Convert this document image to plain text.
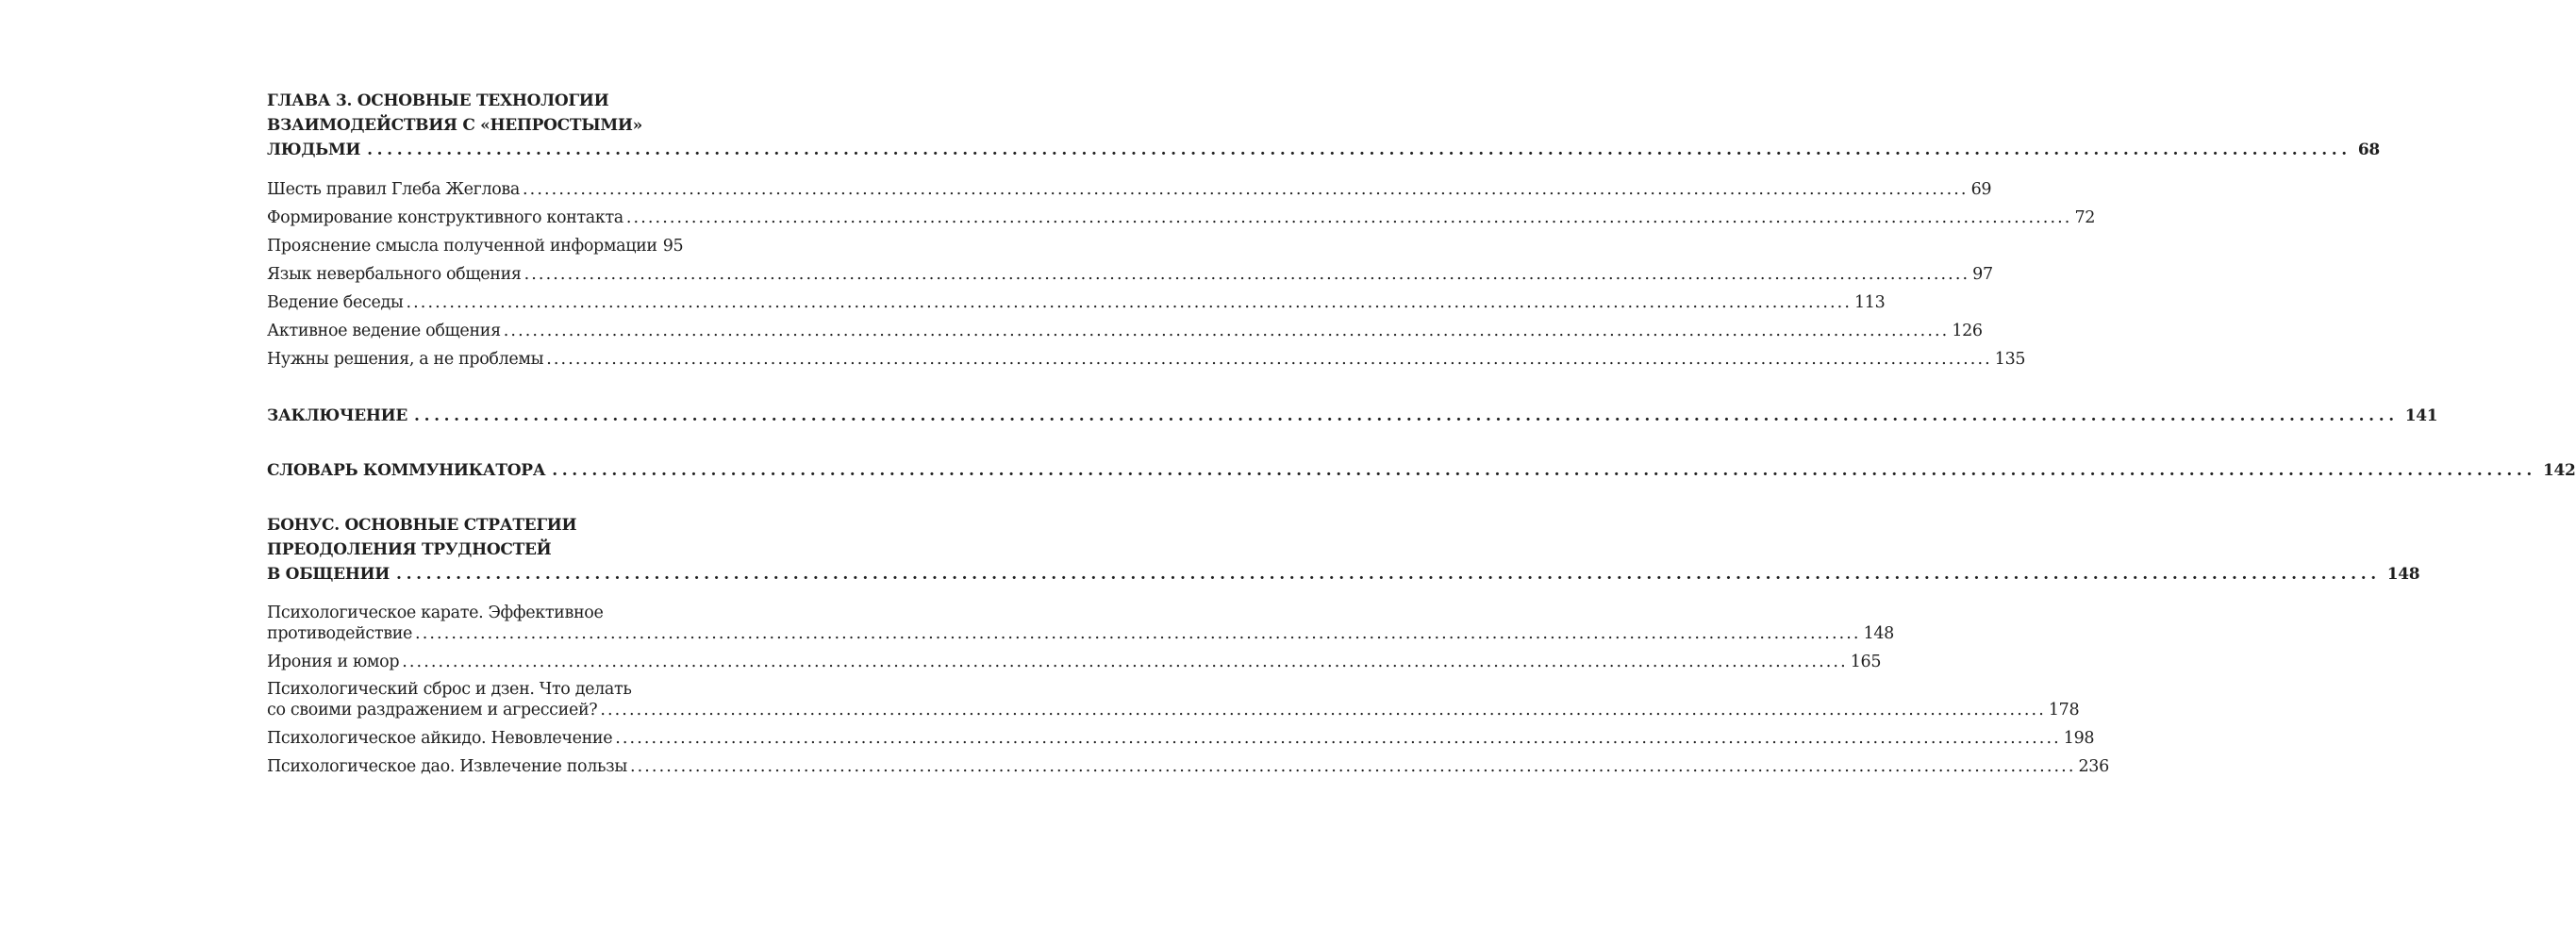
ГЛАВА 3. ОСНОВНЫЕ ТЕХНОЛОГИИ
ВЗАИМОДЕЙСТВИЯ С «НЕПРОСТЫМИ»
ЛЮДЬМИ ........................................................................................................................................................................................................ 68
Шесть правил Глеба Жеглова ........................................................................................................................................................................................................ 69
Формирование конструктивного контакта ........................................................................................................................................................................................................ 72
Прояснение смысла полученной информации 95
Язык невербального общения ........................................................................................................................................................................................................ 97
Ведение беседы ........................................................................................................................................................................................................ 113
Активное ведение общения ........................................................................................................................................................................................................ 126
Нужны решения, а не проблемы ........................................................................................................................................................................................................ 135
ЗАКЛЮЧЕНИЕ ........................................................................................................................................................................................................ 141
СЛОВАРЬ КОММУНИКАТОРА ........................................................................................................................................................................................................ 142
БОНУС. ОСНОВНЫЕ СТРАТЕГИИ
ПРЕОДОЛЕНИЯ ТРУДНОСТЕЙ
В ОБЩЕНИИ ........................................................................................................................................................................................................ 148
Психологическое карате. Эффективное
противодействие ........................................................................................................................................................................................................ 148
Ирония и юмор ........................................................................................................................................................................................................ 165
Психологический сброс и дзен. Что делать
со своими раздражением и агрессией? ........................................................................................................................................................................................................ 178
Психологическое айкидо. Невовлечение ........................................................................................................................................................................................................ 198
Психологическое дао. Извлечение пользы ........................................................................................................................................................................................................ 236
